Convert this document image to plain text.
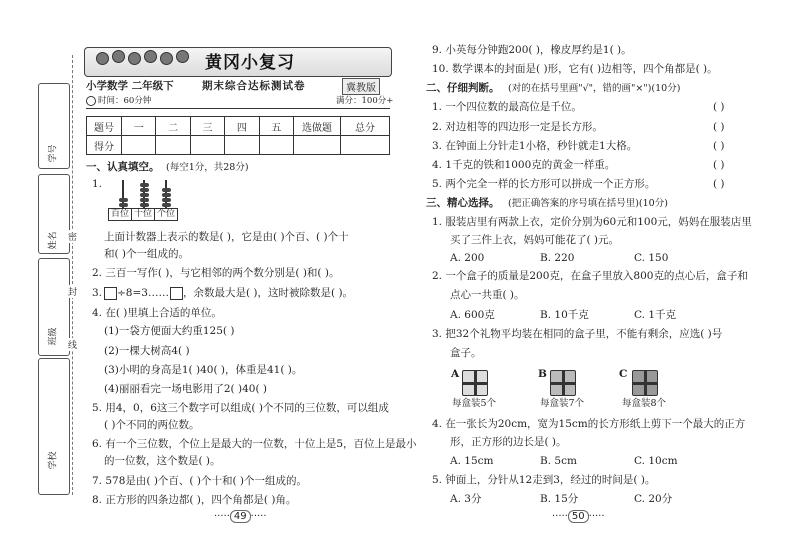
学号
姓名
班级
学校
密
封
线
黄冈小复习
小学数学 二年级下	期末综合达标测试卷	冀教版
时间：60分钟	满分：100分+
题号	一	二	三	四	五	选做题	总分
得分							
一、认真填空。 (每空1分，共28分)
1.
百位 十位 个位
上面计数器上表示的数是( )，它是由( )个百、( )个十
和( )个一组成的。
2. 三百一写作( )，与它相邻的两个数分别是( )和( )。
3. ÷8=3…… ，余数最大是( )，这时被除数是( )。
4. 在( )里填上合适的单位。
(1)一袋方便面大约重125( )
(2)一棵大树高4( )
(3)小明的身高是1( )40( )，体重是41( )。
(4)丽丽看完一场电影用了2( )40( )
5. 用4，0，6这三个数字可以组成( )个不同的三位数，可以组成
( )个不同的两位数。
6. 有一个三位数，个位上是最大的一位数，十位上是5，百位上是最小
的一位数，这个数是( )。
7. 578是由( )个百、( )个十和( )个一组成的。
8. 正方形的四条边都( )，四个角都是( )角。
····· 49 ·····
9. 小英每分钟跑200( )，橡皮厚约是1( )。
10. 数学课本的封面是( )形，它有( )边相等，四个角都是( )。
二、仔细判断。 (对的在括号里画"√"，错的画"×")(10分)
1. 一个四位数的最高位是千位。	( )
2. 对边相等的四边形一定是长方形。	( )
3. 在钟面上分针走1小格，秒针就走1大格。	( )
4. 1千克的铁和1000克的黄金一样重。	( )
5. 两个完全一样的长方形可以拼成一个正方形。	( )
三、精心选择。 (把正确答案的序号填在括号里)(10分)
1. 服装店里有两款上衣，定价分别为60元和100元，妈妈在服装店里
买了三件上衣，妈妈可能花了( )元。
A. 200	B. 220	C. 150
2. 一个盒子的质量是200克，在盒子里放入800克的点心后，盒子和
点心一共重( )。
A. 600克	B. 10千克	C. 1千克
3. 把32个礼物平均装在相同的盒子里，不能有剩余，应选( )号
盒子。
A
每盒装5个
B
每盒装7个
C
每盒装8个
4. 在一张长为20cm，宽为15cm的长方形纸上剪下一个最大的正方
形，正方形的边长是( )。
A. 15cm	B. 5cm	C. 10cm
5. 钟面上，分针从12走到3，经过的时间是( )。
A. 3分	B. 15分	C. 20分
····· 50 ·····
